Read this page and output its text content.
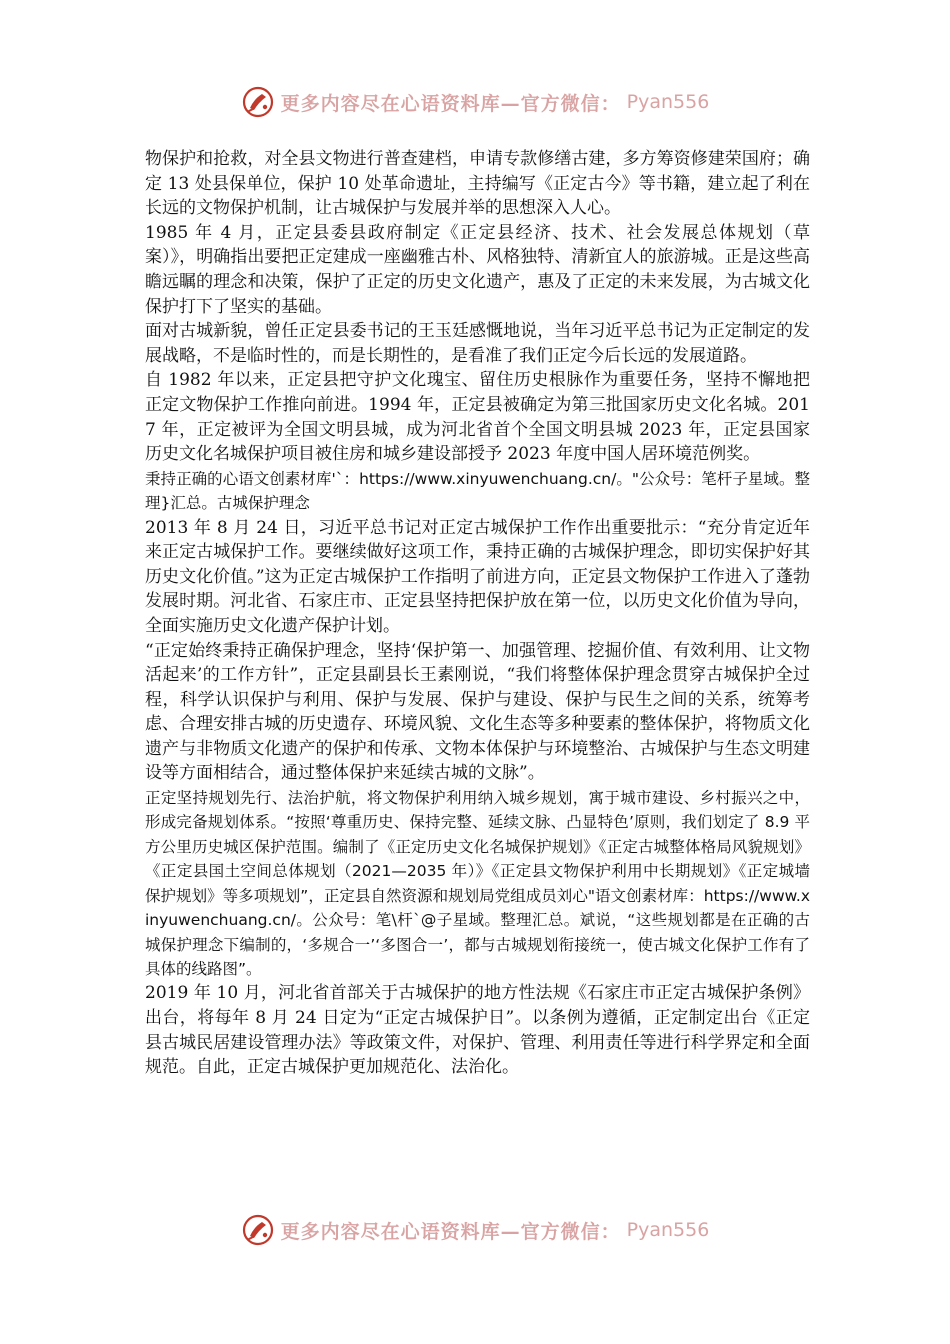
更多内容尽在心语资料库—官方微信： Pyan556

物保护和抢救，对全县文物进行普查建档，申请专款修缮古建，多方筹资修建荣国府；确定 13 处县保单位，保护 10 处革命遗址，主持编写《正定古今》等书籍，建立起了利在长远的文物保护机制，让古城保护与发展并举的思想深入人心。

1985 年 4 月，正定县委县政府制定《正定县经济、技术、社会发展总体规划（草案）》，明确指出要把正定建成一座幽雅古朴、风格独特、清新宜人的旅游城。正是这些高瞻远瞩的理念和决策，保护了正定的历史文化遗产，惠及了正定的未来发展，为古城文化保护打下了坚实的基础。

面对古城新貌，曾任正定县委书记的王玉廷感慨地说，当年习近平总书记为正定制定的发展战略，不是临时性的，而是长期性的，是看准了我们正定今后长远的发展道路。

自 1982 年以来，正定县把守护文化瑰宝、留住历史根脉作为重要任务，坚持不懈地把正定文物保护工作推向前进。1994 年，正定县被确定为第三批国家历史文化名城。2017 年，正定被评为全国文明县城，成为河北省首个全国文明县城 2023 年，正定县国家历史文化名城保护项目被住房和城乡建设部授予 2023 年度中国人居环境范例奖。

秉持正确的心语文创素材库'`：https://www.xinyuwenchuang.cn/。"公众号：笔杆子星域。整理}汇总。古城保护理念

2013 年 8 月 24 日，习近平总书记对正定古城保护工作作出重要批示：“充分肯定近年来正定古城保护工作。要继续做好这项工作，秉持正确的古城保护理念，即切实保护好其历史文化价值。”这为正定古城保护工作指明了前进方向，正定县文物保护工作进入了蓬勃发展时期。河北省、石家庄市、正定县坚持把保护放在第一位，以历史文化价值为导向，全面实施历史文化遗产保护计划。

“正定始终秉持正确保护理念，坚持‘保护第一、加强管理、挖掘价值、有效利用、让文物活起来’的工作方针”，正定县副县长王素刚说，“我们将整体保护理念贯穿古城保护全过程，科学认识保护与利用、保护与发展、保护与建设、保护与民生之间的关系，统筹考虑、合理安排古城的历史遗存、环境风貌、文化生态等多种要素的整体保护，将物质文化遗产与非物质文化遗产的保护和传承、文物本体保护与环境整治、古城保护与生态文明建设等方面相结合，通过整体保护来延续古城的文脉”。

正定坚持规划先行、法治护航，将文物保护利用纳入城乡规划，寓于城市建设、乡村振兴之中，形成完备规划体系。“按照‘尊重历史、保持完整、延续文脉、凸显特色’原则，我们划定了 8.9 平方公里历史城区保护范围。编制了《正定历史文化名城保护规划》《正定古城整体格局风貌规划》《正定县国土空间总体规划（2021—2035 年）》《正定县文物保护利用中长期规划》《正定城墙保护规划》等多项规划”，正定县自然资源和规划局党组成员刘心"语文创素材库：https://www.xinyuwenchuang.cn/。公众号：笔\杆`@子星域。整理汇总。斌说，“这些规划都是在正确的古城保护理念下编制的，‘多规合一’‘多图合一’，都与古城规划衔接统一，使古城文化保护工作有了具体的线路图”。

2019 年 10 月，河北省首部关于古城保护的地方性法规《石家庄市正定古城保护条例》出台，将每年 8 月 24 日定为“正定古城保护日”。以条例为遵循，正定制定出台《正定县古城民居建设管理办法》等政策文件，对保护、管理、利用责任等进行科学界定和全面规范。自此，正定古城保护更加规范化、法治化。

更多内容尽在心语资料库—官方微信： Pyan556
